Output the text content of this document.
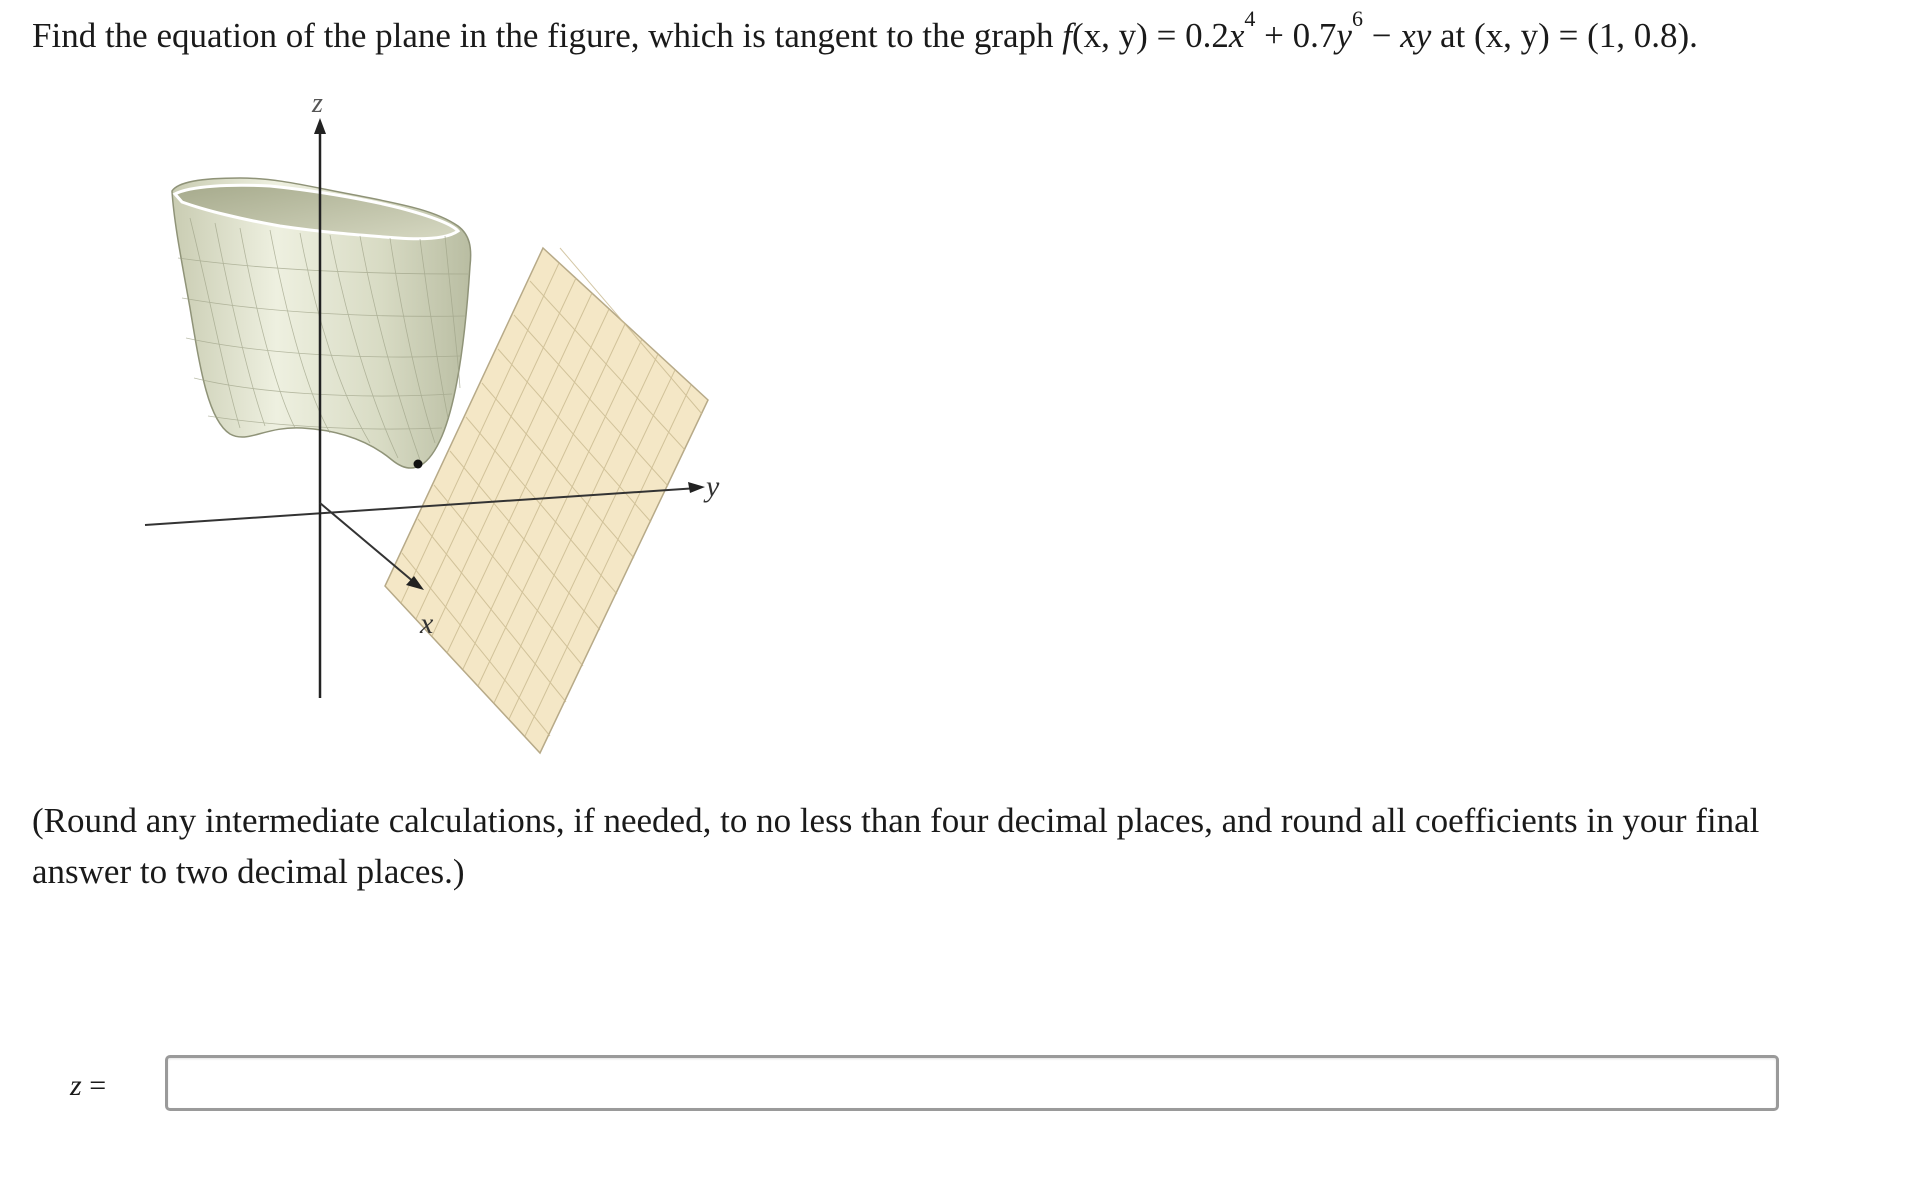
Find the equation of the plane in the figure, which is tangent to the graph f(x, $y) = 0.2x^4 + 0.7y^6$ − xy at (x, y) = (1, 0.8).
y
z
x
(Round any intermediate calculations, if needed, to no less than four decimal places, and round all coefficients in your final answer to two decimal places.)
z =
